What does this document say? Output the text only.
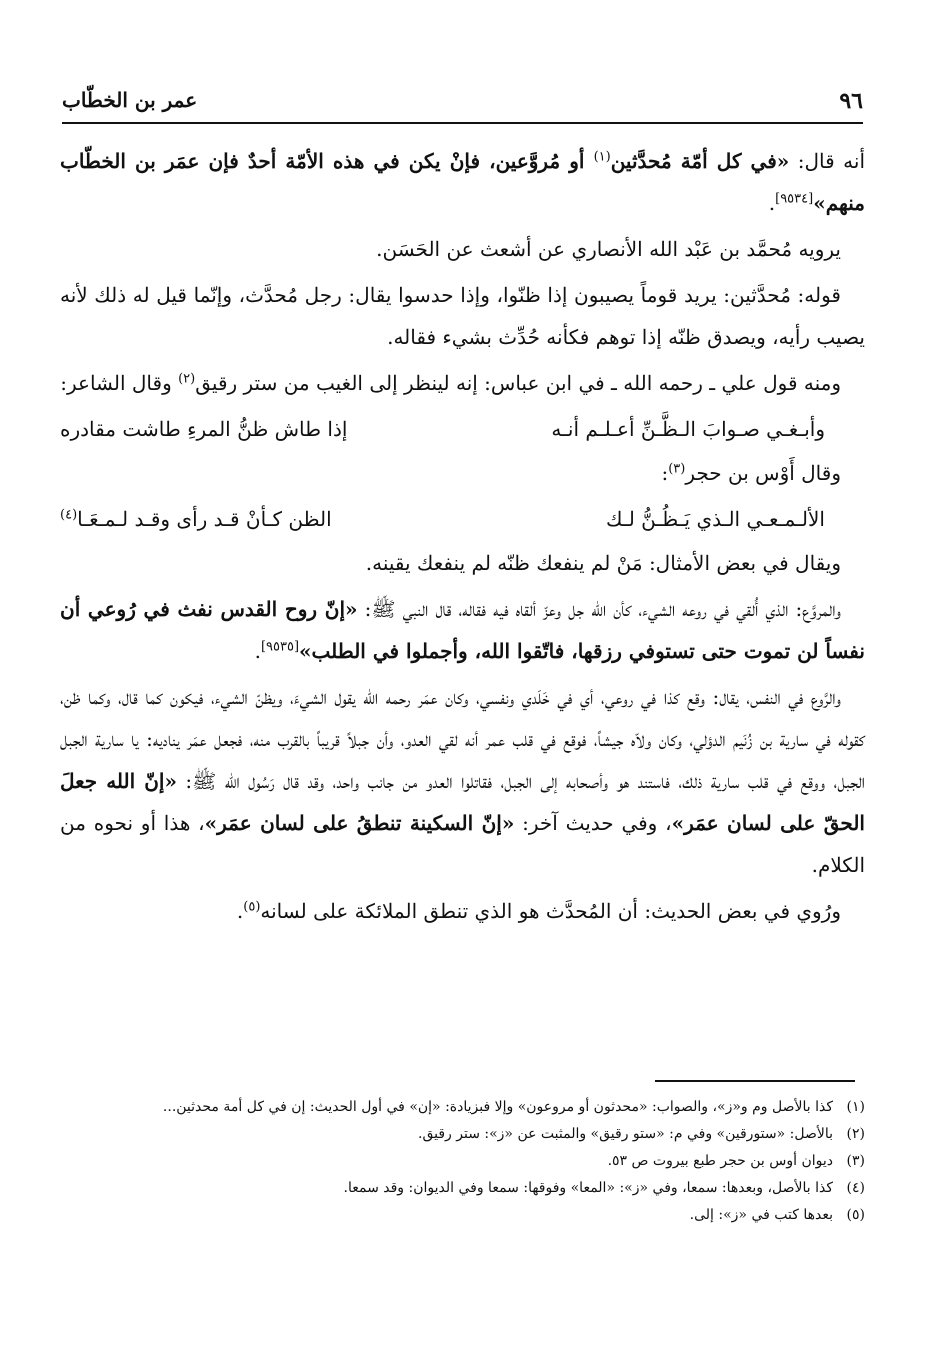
٩٦
عمر بن الخطّاب

أنه قال: «في كل أمّة مُحدَّثين$^{(١)}$ أو مُروَّعين، فإنْ يكن في هذه الأمّة أحدٌ فإن عمَر بن الخطّاب منهم»[٩٥٣٤].

يرويه مُحمَّد بن عَبْد الله الأنصاري عن أشعث عن الحَسَن.

قوله: مُحدَّثين: يريد قوماً يصيبون إذا ظنّوا، وإذا حدسوا يقال: رجل مُحدَّث، وإنّما قيل له ذلك لأنه يصيب رأيه، ويصدق ظنّه إذا توهم فكأنه حُدِّث بشيء فقاله.

ومنه قول علي ـ رحمه الله ـ في ابن عباس: إنه لينظر إلى الغيب من ستر رقيق$^{(٢)}$ وقال الشاعر:

وأبـغـي صـوابَ الـظَّـنِّ أعـلـم أنـه
إذا طاش ظنُّ المرءِ طاشت مقادره

وقال أَوْس بن حجر$^{(٣)}$:

الألـمـعـي الـذي يَـظُـنُّ لـك
الظن كـأنْ قـد رأى وقـد لـمـعَـا$^{(٤)}$

ويقال في بعض الأمثال: مَنْ لم ينفعك ظنّه لم ينفعك يقينه.

والمروَّع: الذي أُلقي في روعه الشيء، كأن الله جل وعزّ ألقاه فيه فقاله، قال النبي ﷺ: «إنّ روح القدس نفث في رُوعي أن نفساً لن تموت حتى تستوفي رزقها، فاتّقوا الله، وأجملوا في الطلب»[٩٥٣٥].

والرَّوع في النفس، يقال: وقع كذا في روعي، أي في خَلَدي ونفسي، وكان عمَر رحمه الله يقول الشيءَ، ويظنّ الشيء، فيكون كما قال، وكما ظن، كقوله في سارية بن زُنَيم الدؤلي، وكان ولاّه جيشاً، فوقع في قلب عمر أنه لقي العدو، وأن جبلاً قريباً بالقرب منه، فجعل عمَر يناديه: يا سارية الجبل الجبل، ووقع في قلب سارية ذلك، فاستند هو وأصحابه إلى الجبل، فقاتلوا العدو من جانب واحد، وقد قال رَسُول الله ﷺ: «إنّ الله جعلَ الحقّ على لسان عمَر»، وفي حديث آخر: «إنّ السكينة تنطقُ على لسان عمَر»، هذا أو نحوه من الكلام.

ورُوي في بعض الحديث: أن المُحدَّث هو الذي تنطق الملائكة على لسانه$^{(٥)}$.

(١)
كذا بالأصل وم و«ز»، والصواب: «محدثون أو مروعون» وإلا فبزيادة: «إن» في أول الحديث: إن في كل أمة محدثين...
(٢)
بالأصل: «ستورقين» وفي م: «ستو رقيق» والمثبت عن «ز»: ستر رقيق.
(٣)
ديوان أوس بن حجر طبع بيروت ص ٥٣.
(٤)
كذا بالأصل، وبعدها: سمعا، وفي «ز»: «المعا» وفوقها: سمعا وفي الديوان: وقد سمعا.
(٥)
بعدها كتب في «ز»: إلى.
